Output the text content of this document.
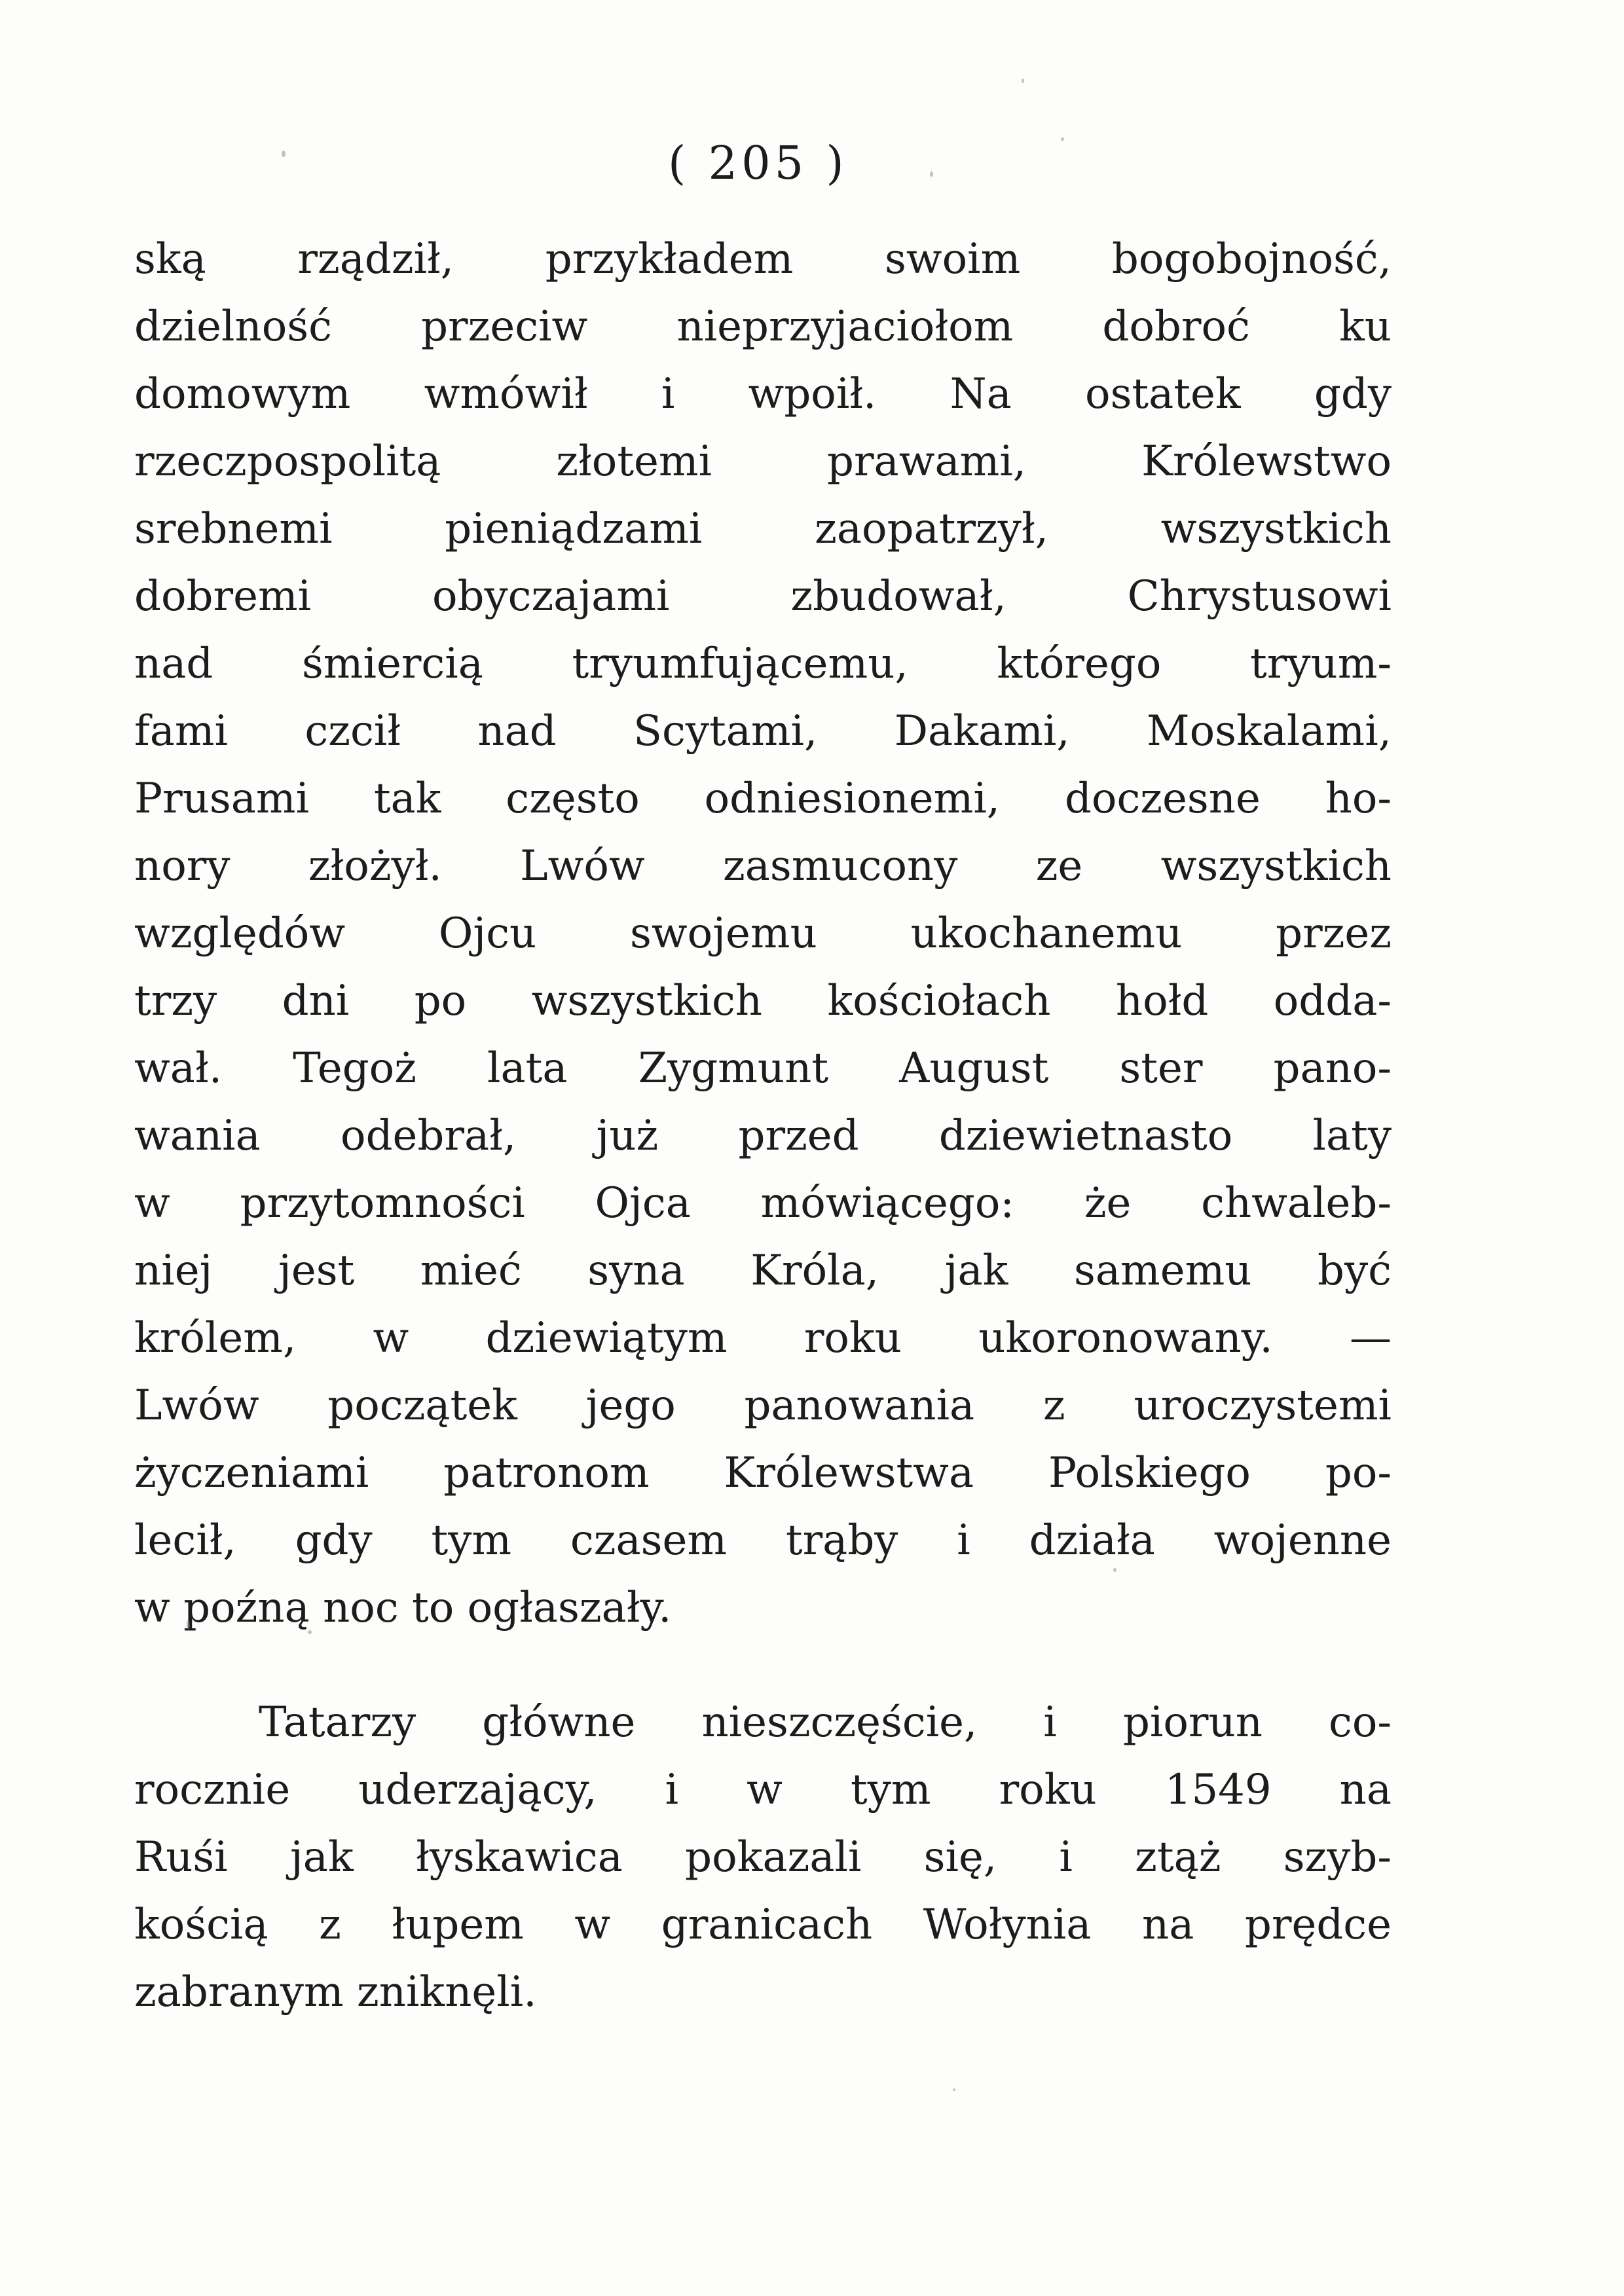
( 205 )
ską rządził, przykładem swoim bogobojność,
dzielność przeciw nieprzyjaciołom dobroć ku
domowym wmówił i wpoił. Na ostatek gdy
rzeczpospolitą złotemi prawami, Królewstwo
srebnemi pieniądzami zaopatrzył, wszystkich
dobremi obyczajami zbudował, Chrystusowi
nad śmiercią tryumfującemu, którego tryum-
fami czcił nad Scytami, Dakami, Moskalami,
Prusami tak często odniesionemi, doczesne ho-
nory złożył. Lwów zasmucony ze wszystkich
względów Ojcu swojemu ukochanemu przez
trzy dni po wszystkich kościołach hołd odda-
wał. Tegoż lata Zygmunt August ster pano-
wania odebrał, już przed dziewietnasto laty
w przytomności Ojca mówiącego: że chwaleb-
niej jest mieć syna Króla, jak samemu być
królem, w dziewiątym roku ukoronowany. —
Lwów początek jego panowania z uroczystemi
życzeniami patronom Królewstwa Polskiego po-
lecił, gdy tym czasem trąby i działa wojenne
w poźną noc to ogłaszały.
Tatarzy główne nieszczęście, i piorun co-
rocznie uderzający, i w tym roku 1549 na
Ruśi jak łyskawica pokazali się, i ztąż szyb-
kością z łupem w granicach Wołynia na prędce
zabranym zniknęli.
